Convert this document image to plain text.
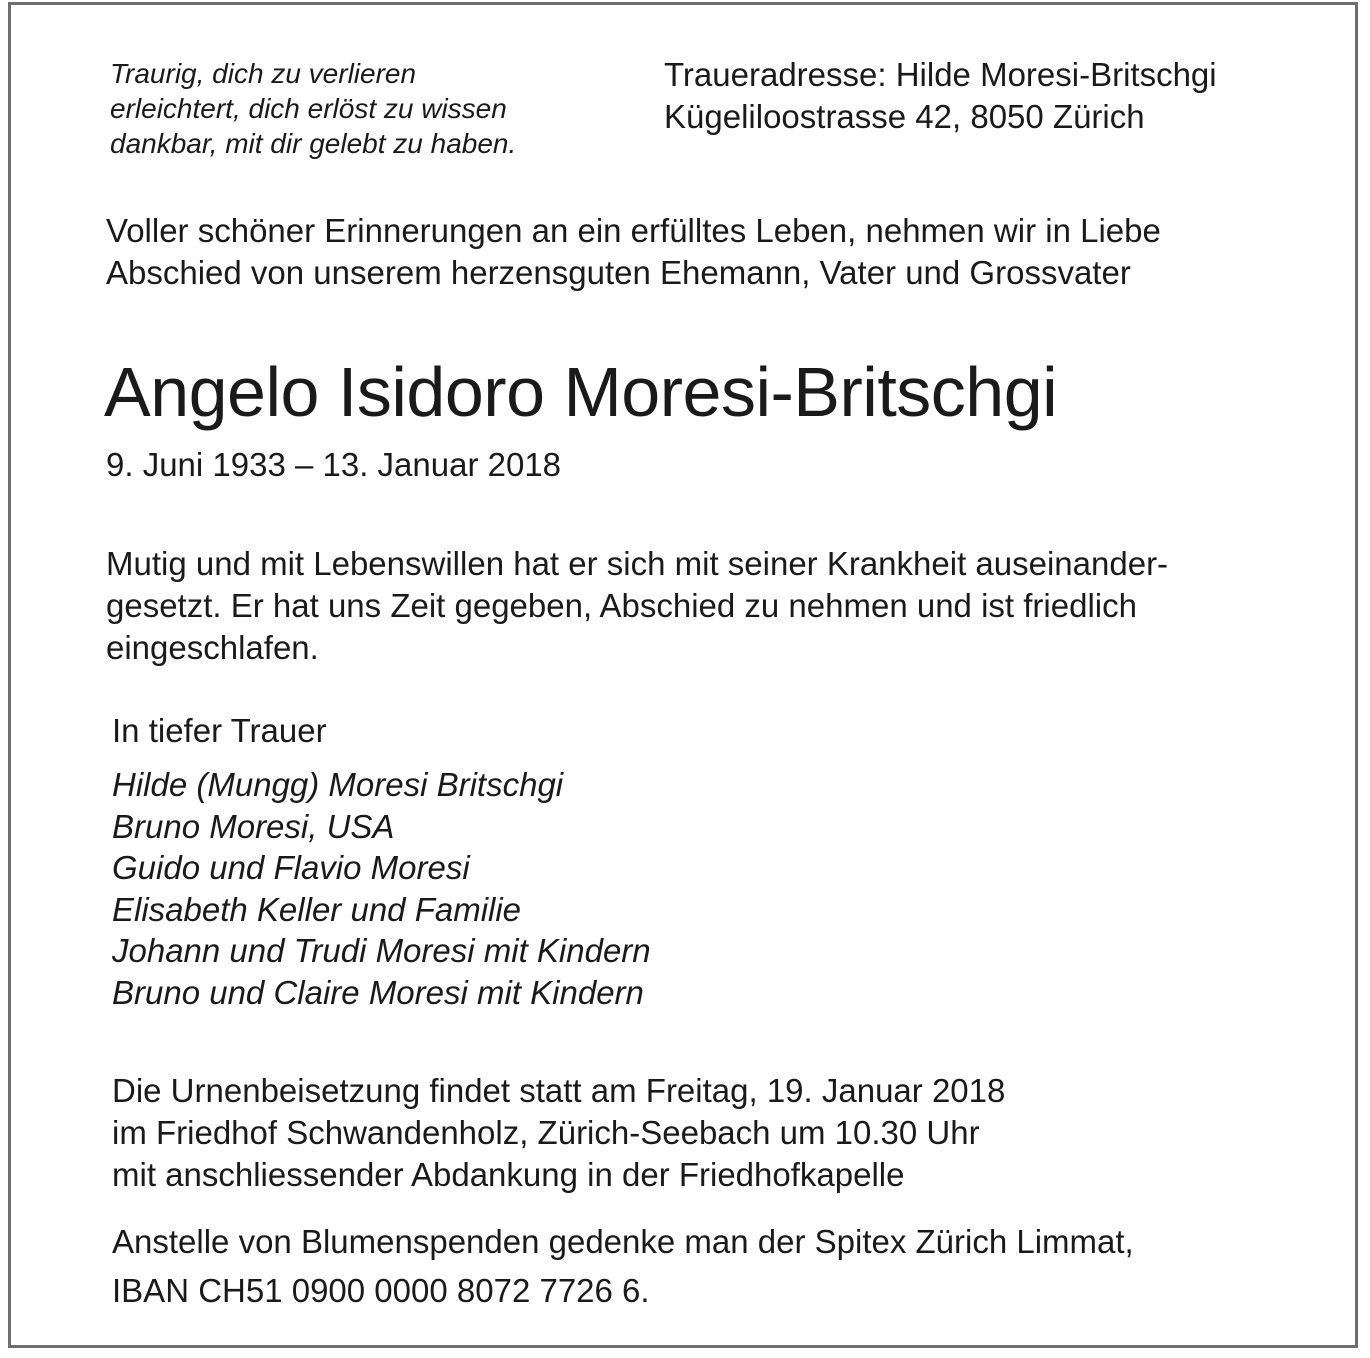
Traurig, dich zu verlieren
erleichtert, dich erlöst zu wissen
dankbar, mit dir gelebt zu haben.
Traueradresse: Hilde Moresi-Britschgi
Kügeliloostrasse 42, 8050 Zürich
Voller schöner Erinnerungen an ein erfülltes Leben, nehmen wir in Liebe
Abschied von unserem herzensguten Ehemann, Vater und Grossvater
Angelo Isidoro Moresi-Britschgi
9. Juni 1933 – 13. Januar 2018
Mutig und mit Lebenswillen hat er sich mit seiner Krankheit auseinander-
gesetzt. Er hat uns Zeit gegeben, Abschied zu nehmen und ist friedlich
eingeschlafen.
In tiefer Trauer
Hilde (Mungg) Moresi Britschgi
Bruno Moresi, USA
Guido und Flavio Moresi
Elisabeth Keller und Familie
Johann und Trudi Moresi mit Kindern
Bruno und Claire Moresi mit Kindern
Die Urnenbeisetzung findet statt am Freitag, 19. Januar 2018
im Friedhof Schwandenholz, Zürich-Seebach um 10.30 Uhr
mit anschliessender Abdankung in der Friedhofkapelle
Anstelle von Blumenspenden gedenke man der Spitex Zürich Limmat,
IBAN CH51 0900 0000 8072 7726 6.
